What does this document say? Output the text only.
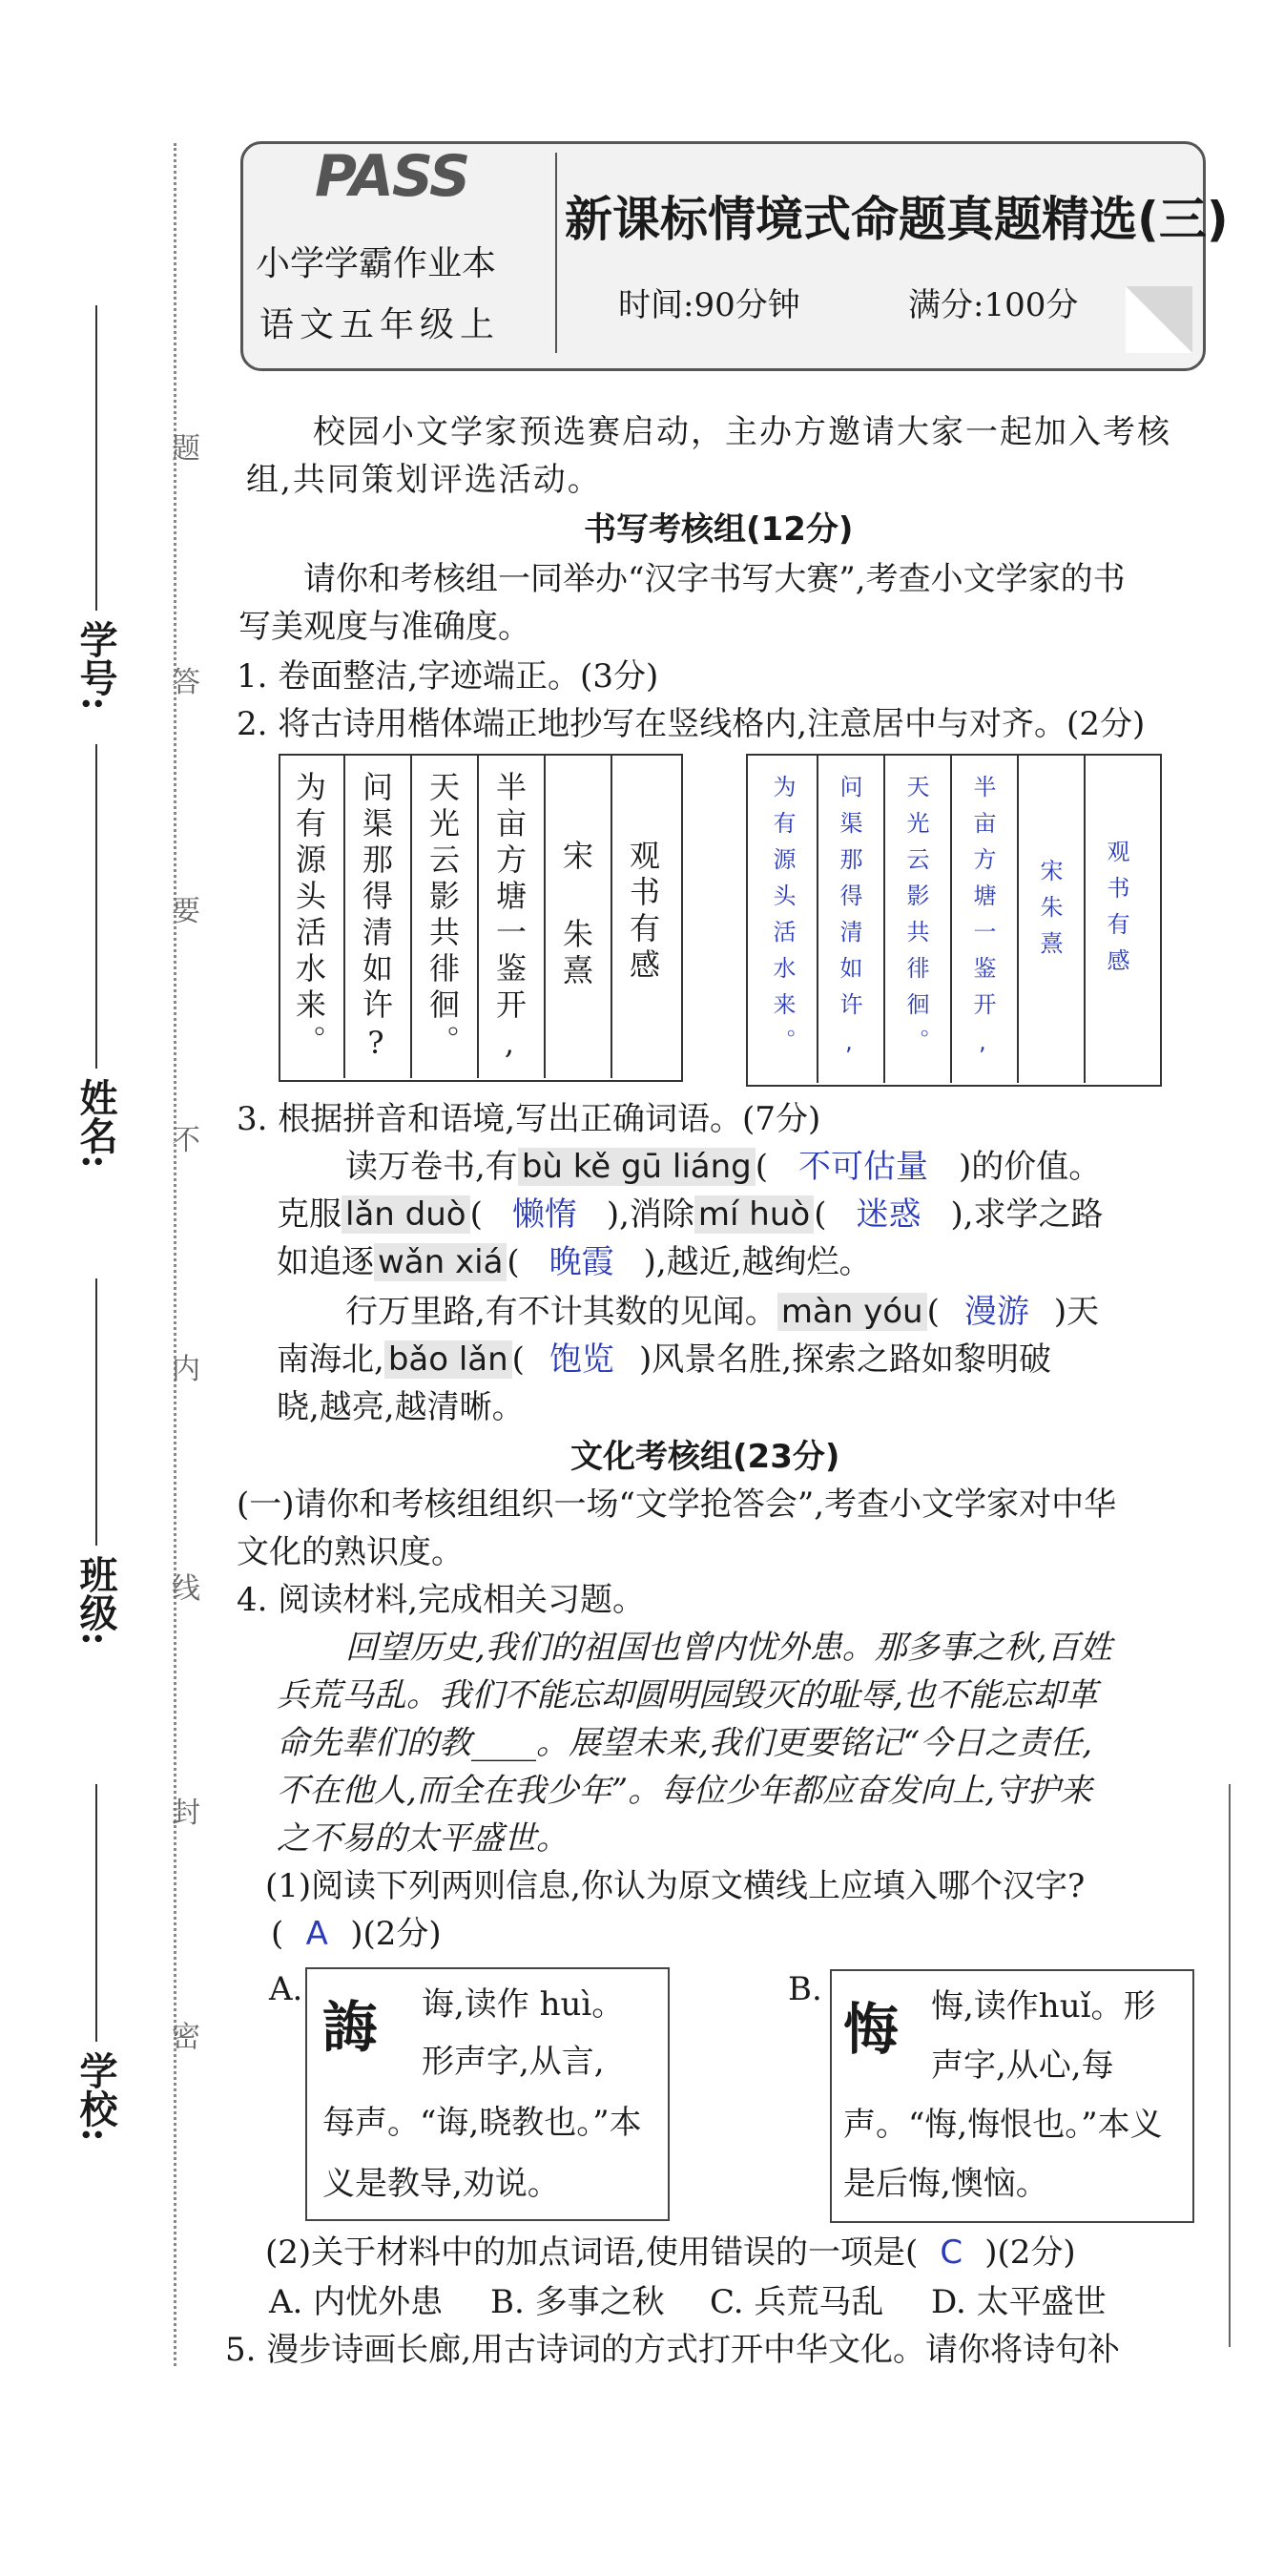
学校:
班级:
姓名:
学号:
题
答
要
不
内
线
封
密
PASS
小学学霸作业本
语文五年级上
新课标情境式命题真题精选(三)
时间:90分钟	满分:100分
校园小文学家预选赛启动，主办方邀请大家一起加入考核
组,共同策划评选活动。
书写考核组(12分)
请你和考核组一同举办“汉字书写大赛”,考查小文学家的书
写美观度与准确度。
1. 卷面整洁,字迹端正。(3分)
2. 将古诗用楷体端正地抄写在竖线格内,注意居中与对齐。(2分)
为有源头活水来。 问渠那得清如许? 天光云影共徘徊。 半亩方塘一鉴开, 宋 朱熹 观书有感	为有源头活水来。 问渠那得清如许, 天光云影共徘徊。 半亩方塘一鉴开, 宋朱熹 观书有感
3. 根据拼音和语境,写出正确词语。(7分)
读万卷书,有 bù kě gū liáng ( 不可估量 )的价值。
克服 lǎn duò ( 懒惰 ),消除 mí huò ( 迷惑 ),求学之路
如追逐 wǎn xiá ( 晚霞 ),越近,越绚烂。
行万里路,有不计其数的见闻。 màn yóu ( 漫游 )天
南海北, bǎo lǎn ( 饱览 )风景名胜,探索之路如黎明破
晓,越亮,越清晰。
文化考核组(23分)
(一)请你和考核组组织一场“文学抢答会”,考查小文学家对中华
文化的熟识度。
4. 阅读材料,完成相关习题。
回望历史,我们的祖国也曾内忧外患。那多事之秋,百姓
兵荒马乱。我们不能忘却圆明园毁灭的耻辱,也不能忘却革
命先辈们的教____。展望未来,我们更要铭记“今日之责任,
不在他人,而全在我少年”。每位少年都应奋发向上,守护来
之不易的太平盛世。
(1)阅读下列两则信息,你认为原文横线上应填入哪个汉字?
( A )(2分)
A.
誨 诲,读作 huì。
形声字,从言,
每声。“诲,晓教也。”本
义是教导,劝说。
B.
悔 悔,读作huǐ。形
声字,从心,每
声。“悔,悔恨也。”本义
是后悔,懊恼。
(2)关于材料中的加点词语,使用错误的一项是( C )(2分)
A. 内忧外患 B. 多事之秋 C. 兵荒马乱 D. 太平盛世
5. 漫步诗画长廊,用古诗词的方式打开中华文化。请你将诗句补
